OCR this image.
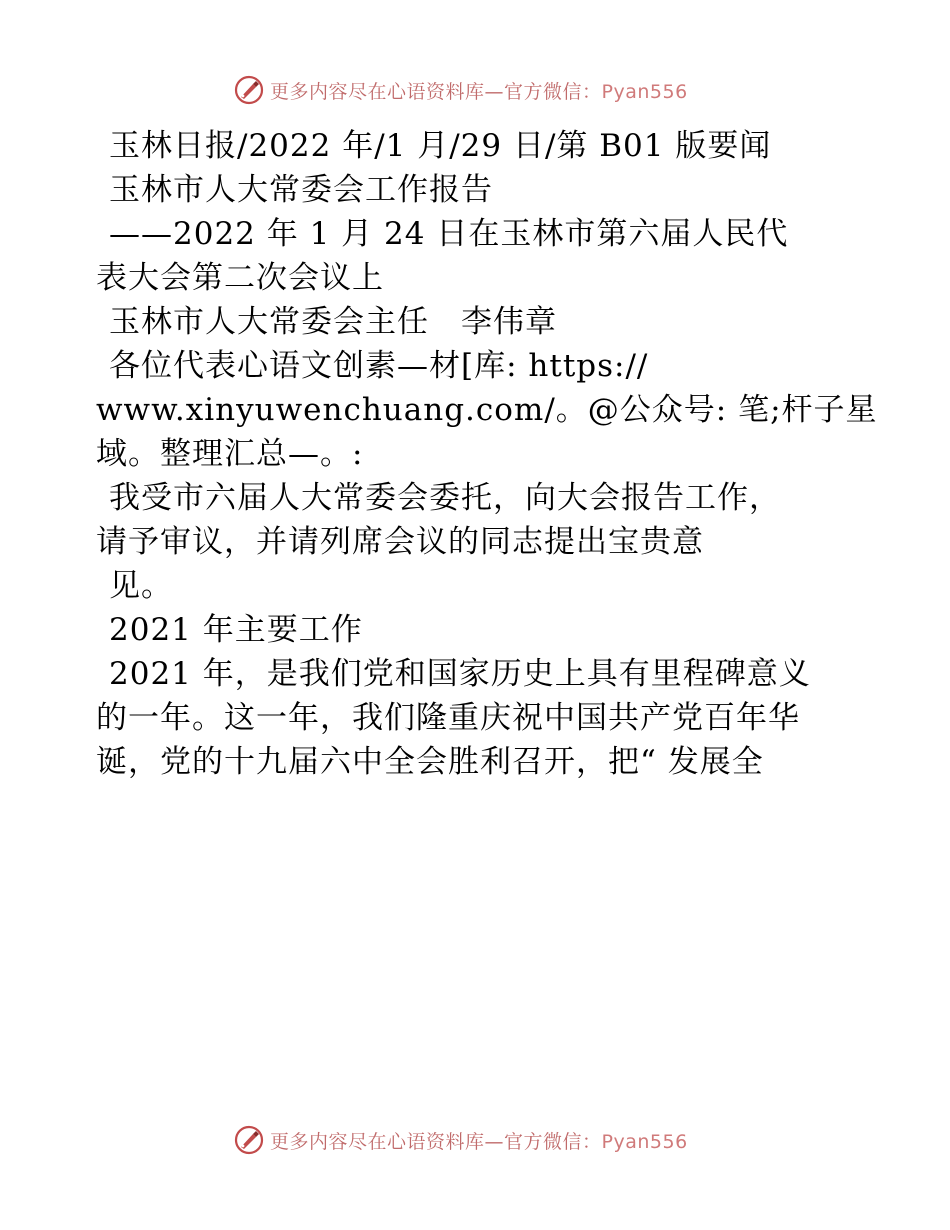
更多内容尽在心语资料库—官方微信：Pyan556

玉林日报/2022 年/1 月/29 日/第 B01 版要闻

玉林市人大常委会工作报告

——2022 年 1 月 24 日在玉林市第六届人民代

表大会第二次会议上

玉林市人大常委会主任　李伟章

各位代表心语文创素—材[库: https://

www.xinyuwenchuang.com/。@公众号: 笔;杆子星

域。整理汇总—。:

我受市六届人大常委会委托，向大会报告工作，

请予审议，并请列席会议的同志提出宝贵意

见。

2021 年主要工作

2021 年，是我们党和国家历史上具有里程碑意义

的一年。这一年，我们隆重庆祝中国共产党百年华

诞，党的十九届六中全会胜利召开，把“ 发展全

更多内容尽在心语资料库—官方微信：Pyan556
